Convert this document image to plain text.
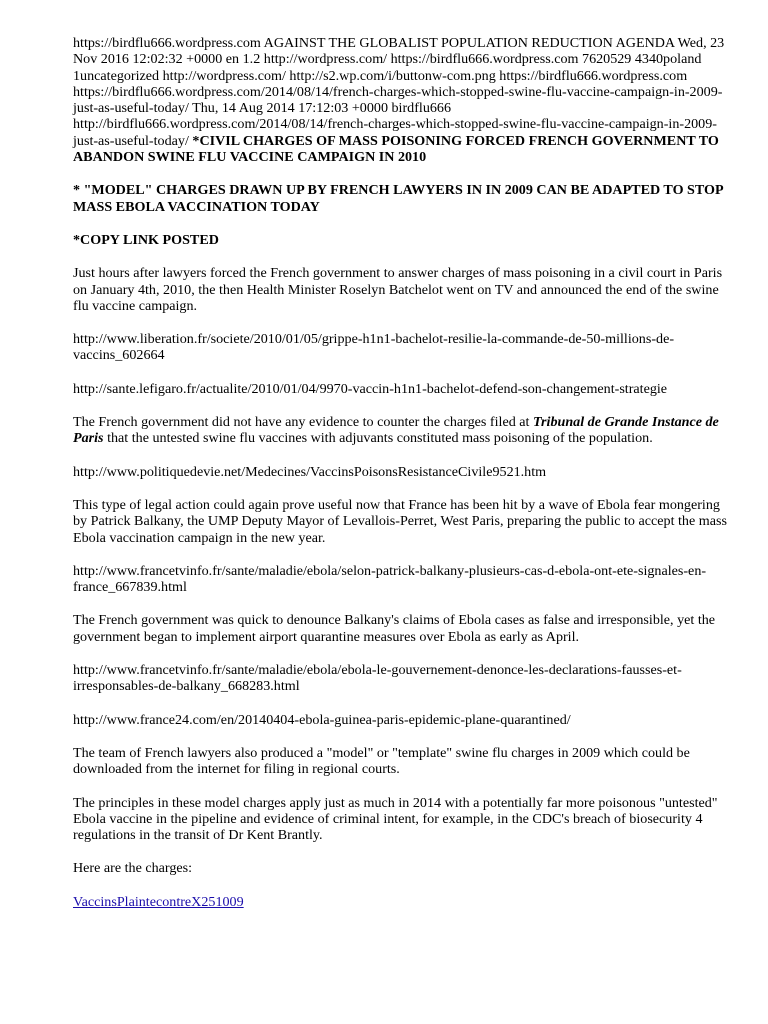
https://birdflu666.wordpress.com AGAINST THE GLOBALIST POPULATION REDUCTION AGENDA Wed, 23 Nov 2016 12:02:32 +0000 en 1.2 http://wordpress.com/ https://birdflu666.wordpress.com 7620529 4340poland 1uncategorized http://wordpress.com/ http://s2.wp.com/i/buttonw-com.png https://birdflu666.wordpress.com https://birdflu666.wordpress.com/2014/08/14/french-charges-which-stopped-swine-flu-vaccine-campaign-in-2009-just-as-useful-today/ Thu, 14 Aug 2014 17:12:03 +0000 birdflu666 http://birdflu666.wordpress.com/2014/08/14/french-charges-which-stopped-swine-flu-vaccine-campaign-in-2009-just-as-useful-today/ *CIVIL CHARGES OF MASS POISONING FORCED FRENCH GOVERNMENT TO ABANDON SWINE FLU VACCINE CAMPAIGN IN 2010

* "MODEL" CHARGES DRAWN UP BY FRENCH LAWYERS IN IN 2009 CAN BE ADAPTED TO STOP MASS EBOLA VACCINATION TODAY

*COPY LINK POSTED

Just hours after lawyers forced the French government to answer charges of mass poisoning in a civil court in Paris on January 4th, 2010, the then Health Minister Roselyn Batchelot went on TV and announced the end of the swine flu vaccine campaign.

http://www.liberation.fr/societe/2010/01/05/grippe-h1n1-bachelot-resilie-la-commande-de-50-millions-de-vaccins_602664

http://sante.lefigaro.fr/actualite/2010/01/04/9970-vaccin-h1n1-bachelot-defend-son-changement-strategie

The French government did not have any evidence to counter the charges filed at Tribunal de Grande Instance de Paris that the untested swine flu vaccines with adjuvants constituted mass poisoning of the population.

http://www.politiquedevie.net/Medecines/VaccinsPoisonsResistanceCivile9521.htm

This type of legal action could again prove useful now that France has been hit by a wave of Ebola fear mongering by Patrick Balkany, the UMP Deputy Mayor of Levallois-Perret, West Paris, preparing the public to accept the mass Ebola vaccination campaign in the new year.

http://www.francetvinfo.fr/sante/maladie/ebola/selon-patrick-balkany-plusieurs-cas-d-ebola-ont-ete-signales-en-france_667839.html

The French government was quick to denounce Balkany's claims of Ebola cases as false and irresponsible, yet the government began to implement airport quarantine measures over Ebola as early as April.

http://www.francetvinfo.fr/sante/maladie/ebola/ebola-le-gouvernement-denonce-les-declarations-fausses-et-irresponsables-de-balkany_668283.html

http://www.france24.com/en/20140404-ebola-guinea-paris-epidemic-plane-quarantined/

The team of French lawyers also produced a "model" or "template" swine flu charges in 2009 which could be downloaded from the internet for filing in regional courts.

The principles in these model charges apply just as much in 2014 with a potentially far more poisonous "untested" Ebola vaccine in the pipeline and evidence of criminal intent, for example, in the CDC's breach of biosecurity 4 regulations in the transit of Dr Kent Brantly.

Here are the charges:

VaccinsPlaintecontreX251009
